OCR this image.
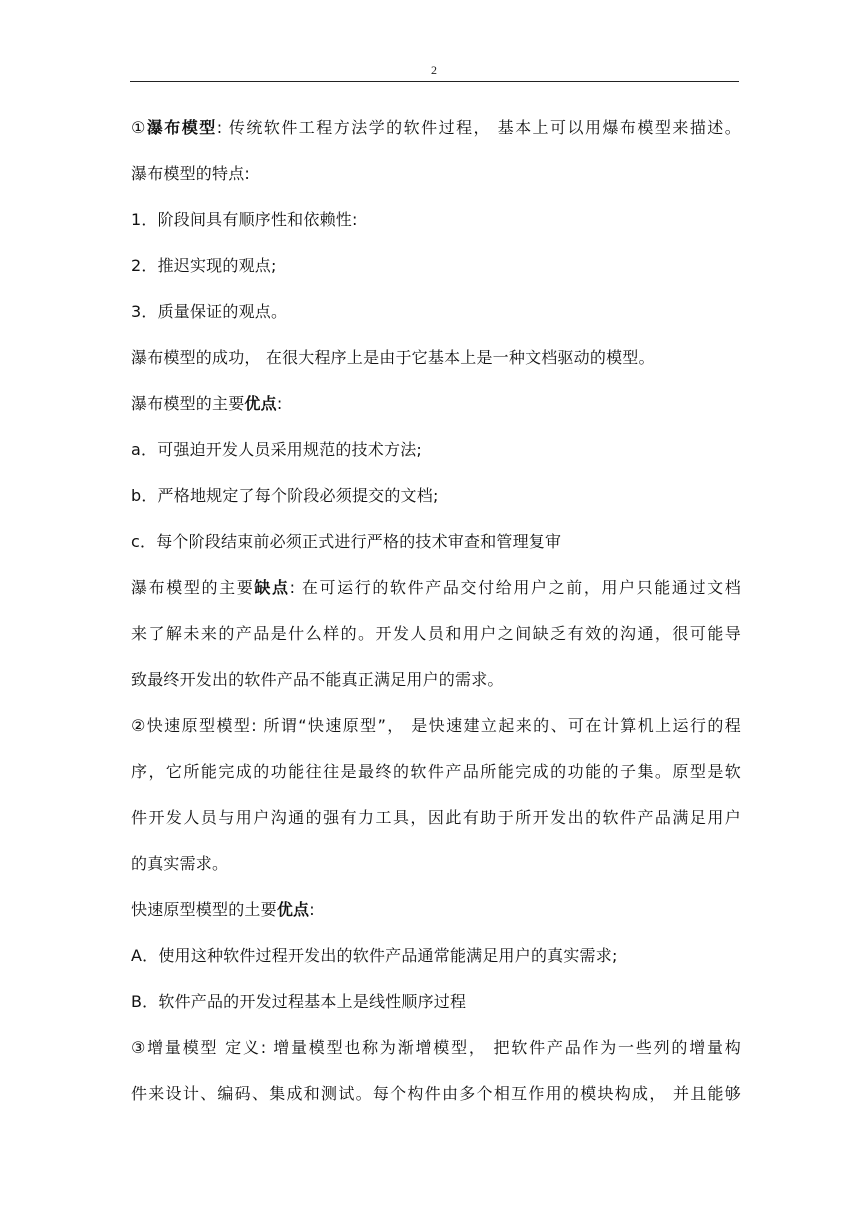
2
①瀑布模型: 传统软件工程方法学的软件过程， 基本上可以用爆布模型来描述。
瀑布模型的特点:
1．阶段间具有顺序性和依赖性:
2．推迟实现的观点;
3．质量保证的观点。
瀑布模型的成功， 在很大程序上是由于它基本上是一种文档驱动的模型。
瀑布模型的主要优点:
a．可强迫开发人员采用规范的技术方法;
b．严格地规定了每个阶段必须提交的文档;
c．每个阶段结束前必须正式进行严格的技术审查和管理复审
瀑布模型的主要缺点: 在可运行的软件产品交付给用户之前，用户只能通过文档
来了解未来的产品是什么样的。开发人员和用户之间缺乏有效的沟通，很可能导
致最终开发出的软件产品不能真正满足用户的需求。
②快速原型模型: 所谓“快速原型”， 是快速建立起来的、可在计算机上运行的程
序，它所能完成的功能往往是最终的软件产品所能完成的功能的子集。原型是软
件开发人员与用户沟通的强有力工具，因此有助于所开发出的软件产品满足用户
的真实需求。
快速原型模型的土要优点:
A．使用这种软件过程开发出的软件产品通常能满足用户的真实需求;
B．软件产品的开发过程基本上是线性顺序过程
③增量模型 定义: 增量模型也称为渐增模型， 把软件产品作为一些列的增量构
件来设计、编码、集成和测试。每个构件由多个相互作用的模块构成， 并且能够
